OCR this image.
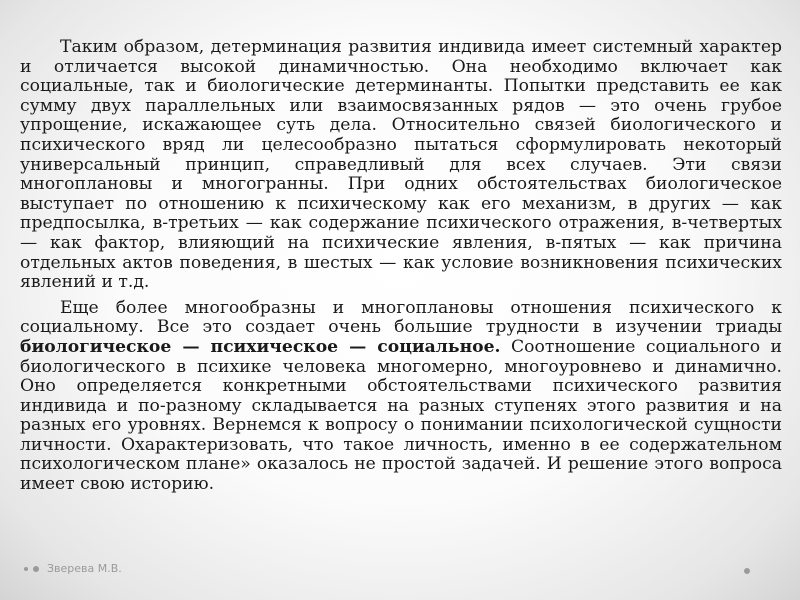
Таким образом, детерминация развития индивида имеет системный характер и отличается высокой динамичностью. Она необходимо включает как социальные, так и биологические детерминанты. Попытки представить ее как сумму двух параллельных или взаимосвязанных рядов — это очень грубое упрощение, искажающее суть дела. Относительно связей биологического и психического вряд ли целесообразно пытаться сформулировать некоторый универсальный принцип, справедливый для всех случаев. Эти связи многоплановы и многогранны. При одних обстоятельствах биологическое выступает по отношению к психическому как его механизм, в других — как предпосылка, в-третьих — как содержание психического отражения, в-четвертых — как фактор, влияющий на психические явления, в-пятых — как причина отдельных актов поведения, в шестых — как условие возникновения психических явлений и т.д.

Еще более многообразны и многоплановы отношения психического к социальному. Все это создает очень большие трудности в изучении триады биологическое — психическое — социальное. Соотношение социального и биологического в психике человека многомерно, многоуровнево и динамично. Оно определяется конкретными обстоятельствами психического развития индивида и по-разному складывается на разных ступенях этого развития и на разных его уровнях. Вернемся к вопросу о понимании психологической сущности личности. Охарактеризовать, что такое личность, именно в ее содержательном психологическом плане» оказалось не простой задачей. И решение этого вопроса имеет свою историю.

Зверева М.В.
